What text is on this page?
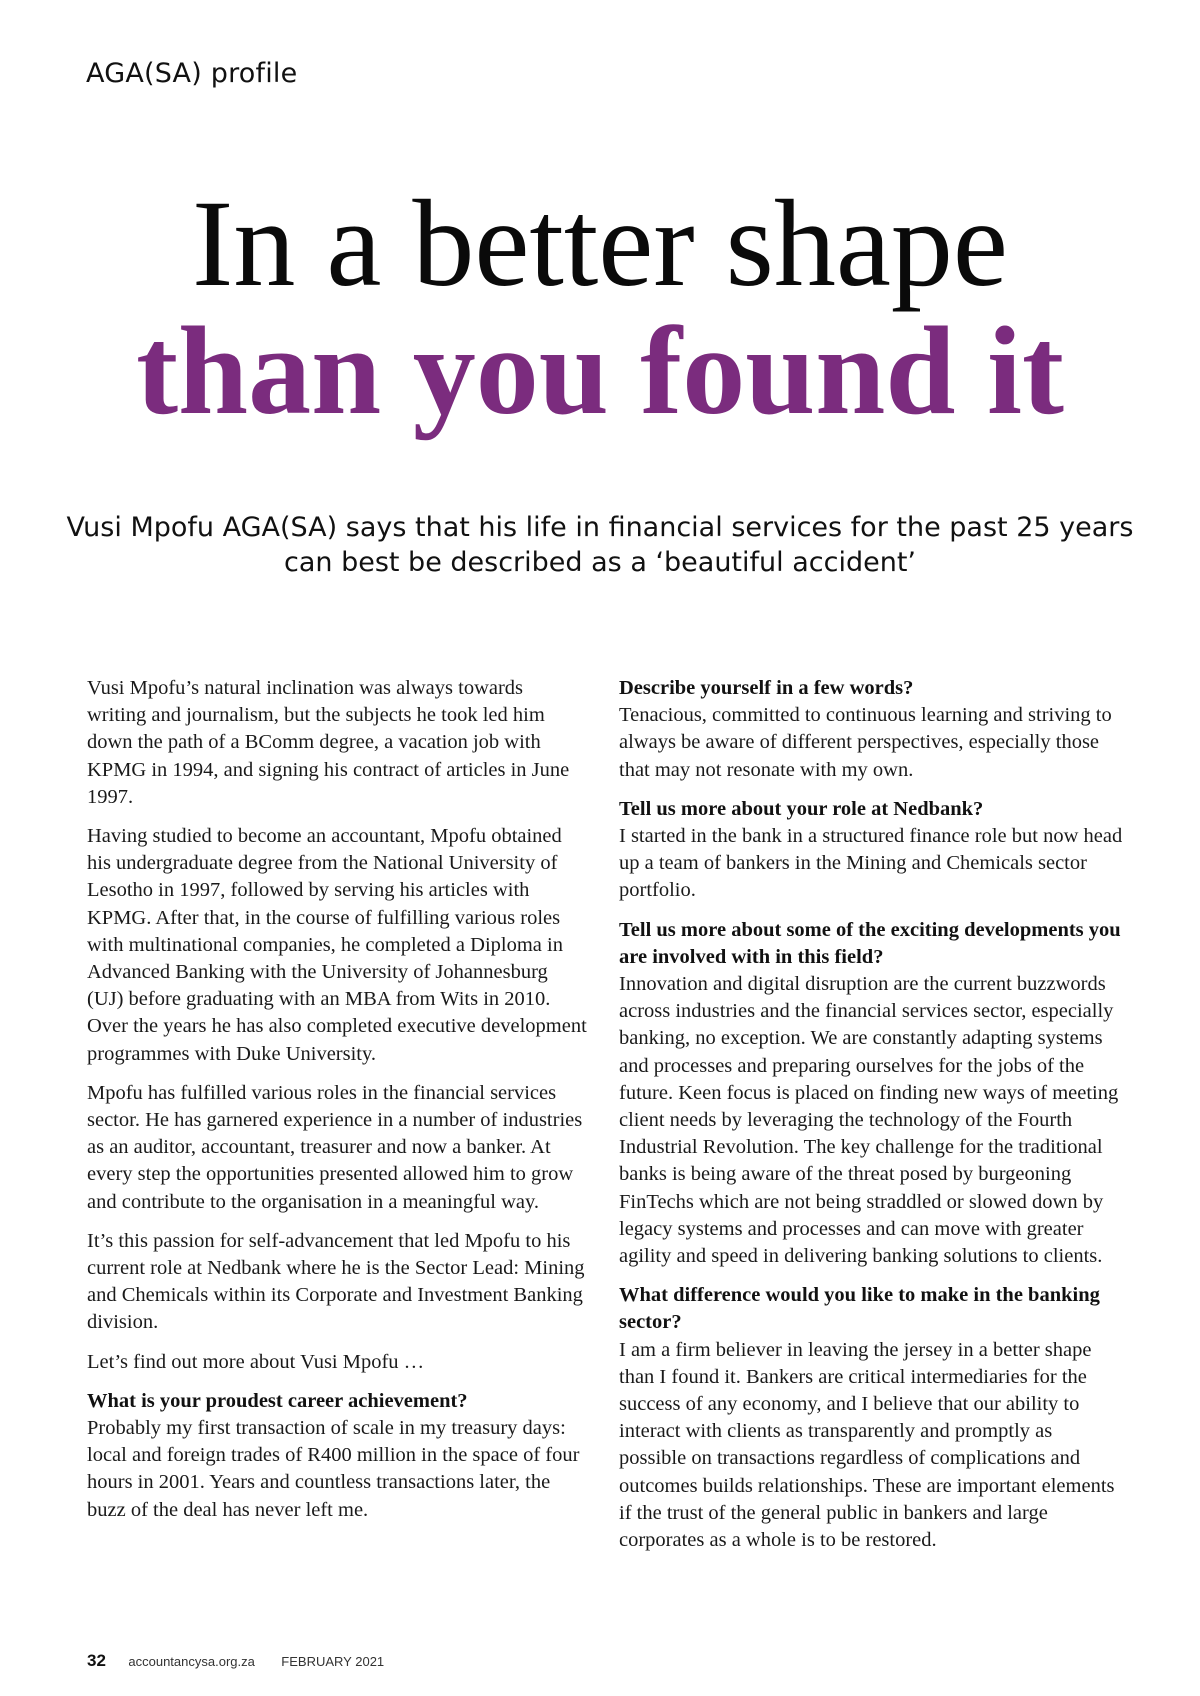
AGA(SA) profile
In a better shape
than you found it
Vusi Mpofu AGA(SA) says that his life in financial services for the past 25 years
can best be described as a ‘beautiful accident’

Vusi Mpofu’s natural inclination was always towards writing and journalism, but the subjects he took led him down the path of a BComm degree, a vacation job with KPMG in 1994, and signing his contract of articles in June 1997.

Having studied to become an accountant, Mpofu obtained his undergraduate degree from the National University of Lesotho in 1997, followed by serving his articles with KPMG. After that, in the course of fulfilling various roles with multinational companies, he completed a Diploma in Advanced Banking with the University of Johannesburg (UJ) before graduating with an MBA from Wits in 2010. Over the years he has also completed executive development programmes with Duke University.

Mpofu has fulfilled various roles in the financial services sector. He has garnered experience in a number of industries as an auditor, accountant, treasurer and now a banker. At every step the opportunities presented allowed him to grow and contribute to the organisation in a meaningful way.

It’s this passion for self-advancement that led Mpofu to his current role at Nedbank where he is the Sector Lead: Mining and Chemicals within its Corporate and Investment Banking division.

Let’s find out more about Vusi Mpofu …

What is your proudest career achievement?

Probably my first transaction of scale in my treasury days: local and foreign trades of R400 million in the space of four hours in 2001. Years and countless transactions later, the buzz of the deal has never left me.

Describe yourself in a few words?

Tenacious, committed to continuous learning and striving to always be aware of different perspectives, especially those that may not resonate with my own.

Tell us more about your role at Nedbank?

I started in the bank in a structured finance role but now head up a team of bankers in the Mining and Chemicals sector portfolio.

Tell us more about some of the exciting developments you are involved with in this field?

Innovation and digital disruption are the current buzzwords across industries and the financial services sector, especially banking, no exception. We are constantly adapting systems and processes and preparing ourselves for the jobs of the future. Keen focus is placed on finding new ways of meeting client needs by leveraging the technology of the Fourth Industrial Revolution. The key challenge for the traditional banks is being aware of the threat posed by burgeoning FinTechs which are not being straddled or slowed down by legacy systems and processes and can move with greater agility and speed in delivering banking solutions to clients.

What difference would you like to make in the banking sector?

I am a firm believer in leaving the jersey in a better shape than I found it. Bankers are critical intermediaries for the success of any economy, and I believe that our ability to interact with clients as transparently and promptly as possible on transactions regardless of complications and outcomes builds relationships. These are important elements if the trust of the general public in bankers and large corporates as a whole is to be restored.

32 accountancysa.org.za FEBRUARY 2021
